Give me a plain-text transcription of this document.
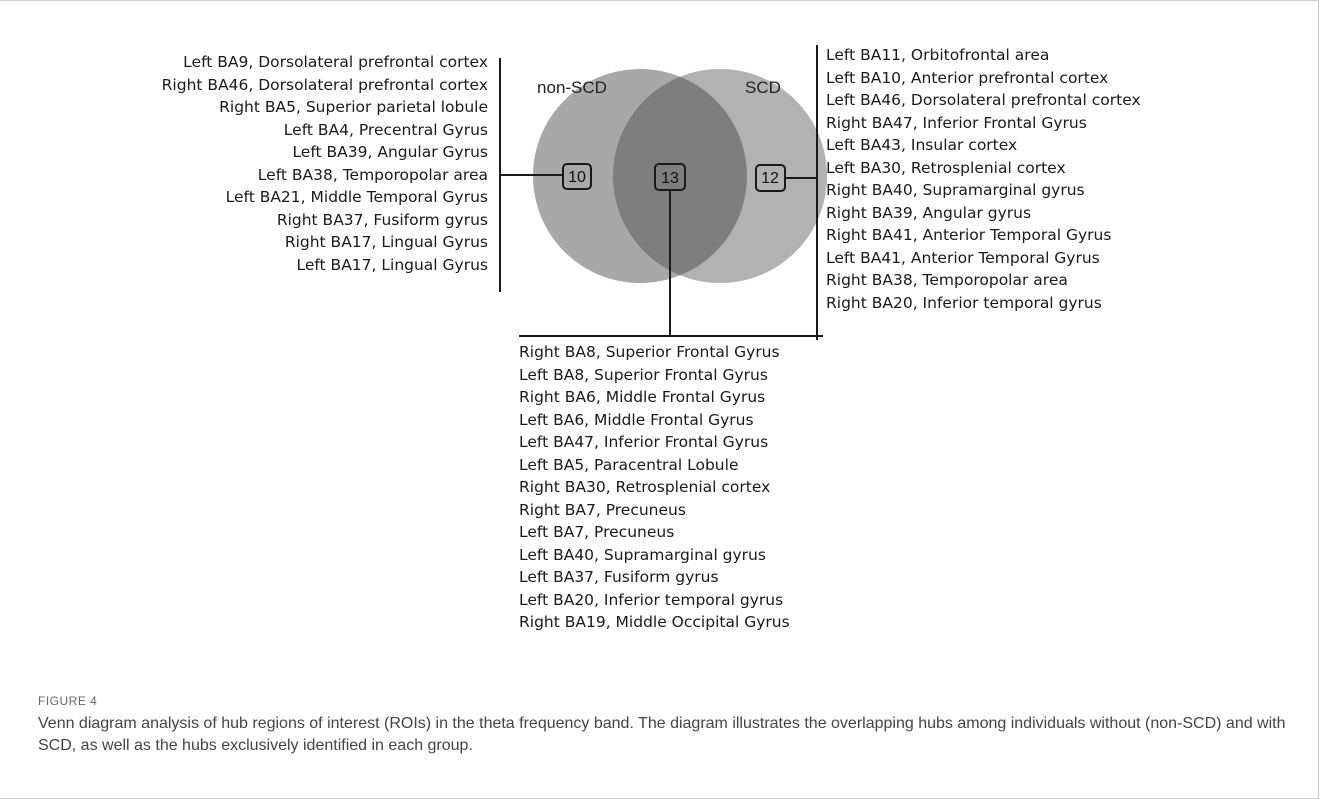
non-SCD	SCD
10	13	12
Left BA9, Dorsolateral prefrontal cortex
Right BA46, Dorsolateral prefrontal cortex
Right BA5, Superior parietal lobule
Left BA4, Precentral Gyrus
Left BA39, Angular Gyrus
Left BA38, Temporopolar area
Left BA21, Middle Temporal Gyrus
Right BA37, Fusiform gyrus
Right BA17, Lingual Gyrus
Left BA17, Lingual Gyrus
Left BA11, Orbitofrontal area
Left BA10, Anterior prefrontal cortex
Left BA46, Dorsolateral prefrontal cortex
Right BA47, Inferior Frontal Gyrus
Left BA43, Insular cortex
Left BA30, Retrosplenial cortex
Right BA40, Supramarginal gyrus
Right BA39, Angular gyrus
Right BA41, Anterior Temporal Gyrus
Left BA41, Anterior Temporal Gyrus
Right BA38, Temporopolar area
Right BA20, Inferior temporal gyrus
Right BA8, Superior Frontal Gyrus
Left BA8, Superior Frontal Gyrus
Right BA6, Middle Frontal Gyrus
Left BA6, Middle Frontal Gyrus
Left BA47, Inferior Frontal Gyrus
Left BA5, Paracentral Lobule
Right BA30, Retrosplenial cortex
Right BA7, Precuneus
Left BA7, Precuneus
Left BA40, Supramarginal gyrus
Left BA37, Fusiform gyrus
Left BA20, Inferior temporal gyrus
Right BA19, Middle Occipital Gyrus
FIGURE 4
Venn diagram analysis of hub regions of interest (ROIs) in the theta frequency band. The diagram illustrates the overlapping hubs among individuals without (non-SCD) and with SCD, as well as the hubs exclusively identified in each group.
